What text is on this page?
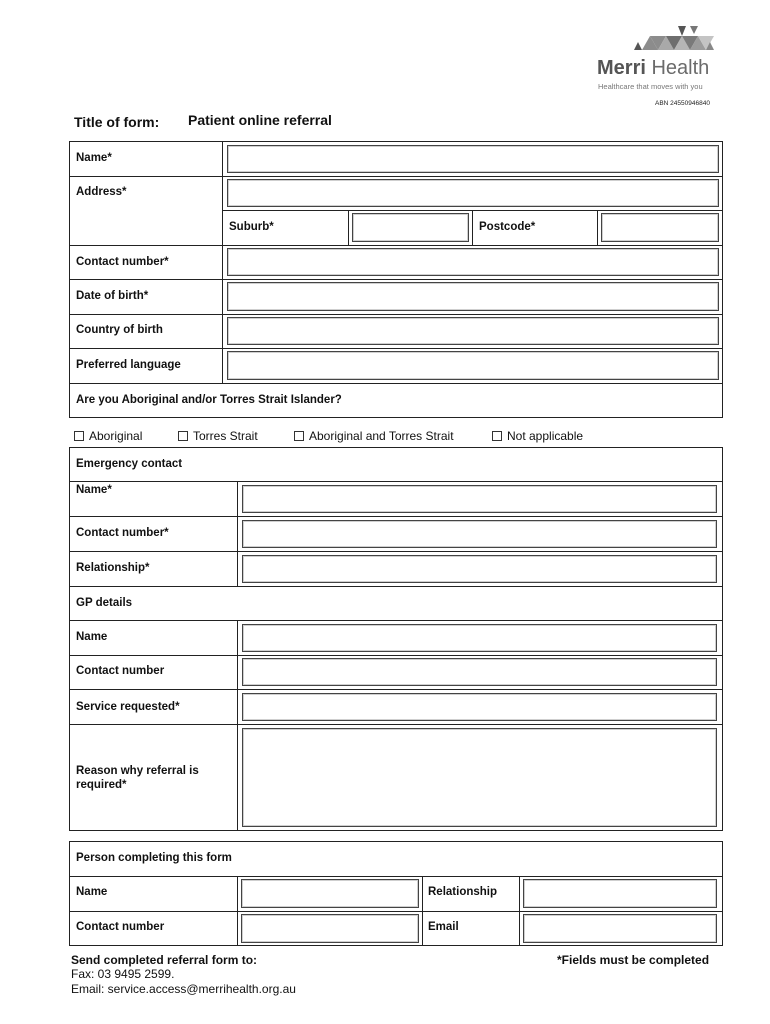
Merri Health
Healthcare that moves with you
ABN 24550946840
Title of form: Patient online referral
Name*
Address*
Suburb*	Postcode*
Contact number*
Date of birth*
Country of birth
Preferred language
Are you Aboriginal and/or Torres Strait Islander?
Aboriginal	Torres Strait	Aboriginal and Torres Strait	Not applicable
Emergency contact
Name*
Contact number*
Relationship*
GP details
Name
Contact number
Service requested*
Reason why referral is required*
Person completing this form
Name	Relationship
Contact number	Email
Send completed referral form to:	*Fields must be completed
Fax: 03 9495 2599.
Email: service.access@merrihealth.org.au
